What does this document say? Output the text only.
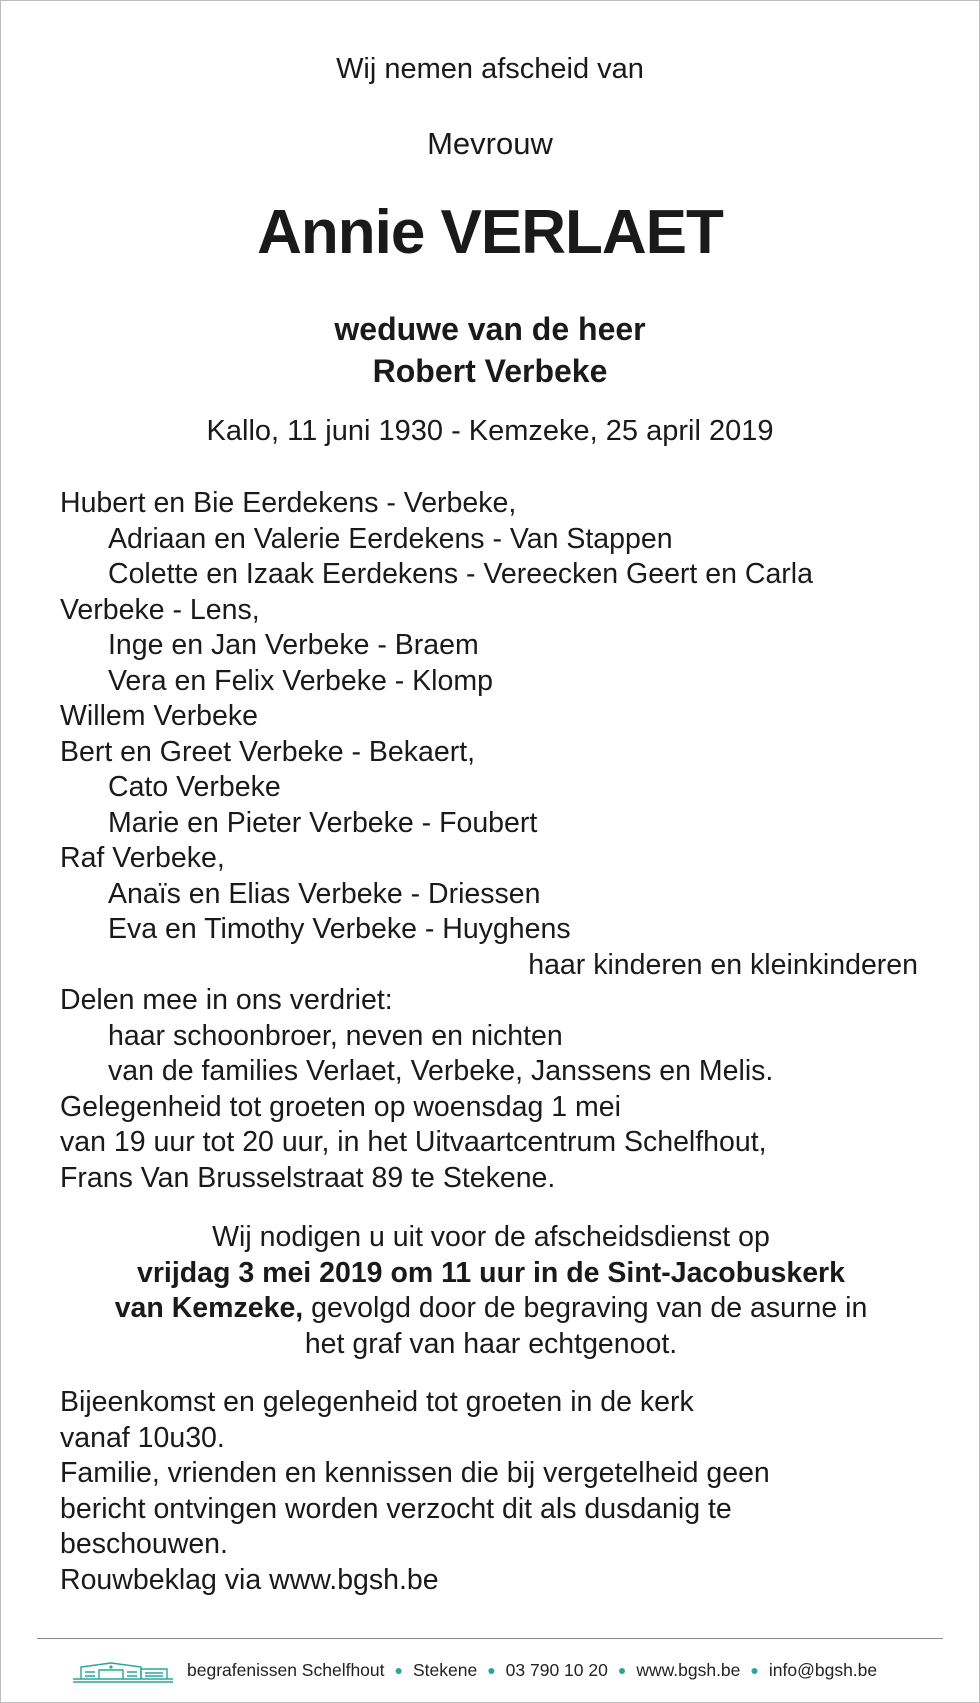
Wij nemen afscheid van
Mevrouw
Annie VERLAET
weduwe van de heer
Robert Verbeke
Kallo, 11 juni 1930 - Kemzeke, 25 april 2019
Hubert en Bie Eerdekens - Verbeke,
Adriaan en Valerie Eerdekens - Van Stappen
Colette en Izaak Eerdekens - Vereecken Geert en Carla
Verbeke - Lens,
Inge en Jan Verbeke - Braem
Vera en Felix Verbeke - Klomp
Willem Verbeke
Bert en Greet Verbeke - Bekaert,
Cato Verbeke
Marie en Pieter Verbeke - Foubert
Raf Verbeke,
Anaïs en Elias Verbeke - Driessen
Eva en Timothy Verbeke - Huyghens
haar kinderen en kleinkinderen
Delen mee in ons verdriet:
haar schoonbroer, neven en nichten
van de families Verlaet, Verbeke, Janssens en Melis.
Gelegenheid tot groeten op woensdag 1 mei
van 19 uur tot 20 uur, in het Uitvaartcentrum Schelfhout,
Frans Van Brusselstraat 89 te Stekene.
Wij nodigen u uit voor de afscheidsdienst op
vrijdag 3 mei 2019 om 11 uur in de Sint-Jacobuskerk
van Kemzeke, gevolgd door de begraving van de asurne in
het graf van haar echtgenoot.
Bijeenkomst en gelegenheid tot groeten in de kerk
vanaf 10u30.
Familie, vrienden en kennissen die bij vergetelheid geen
bericht ontvingen worden verzocht dit als dusdanig te
beschouwen.
Rouwbeklag via www.bgsh.be
begrafenissen Schelfhout ● Stekene ● 03 790 10 20 ● www.bgsh.be ● info@bgsh.be
